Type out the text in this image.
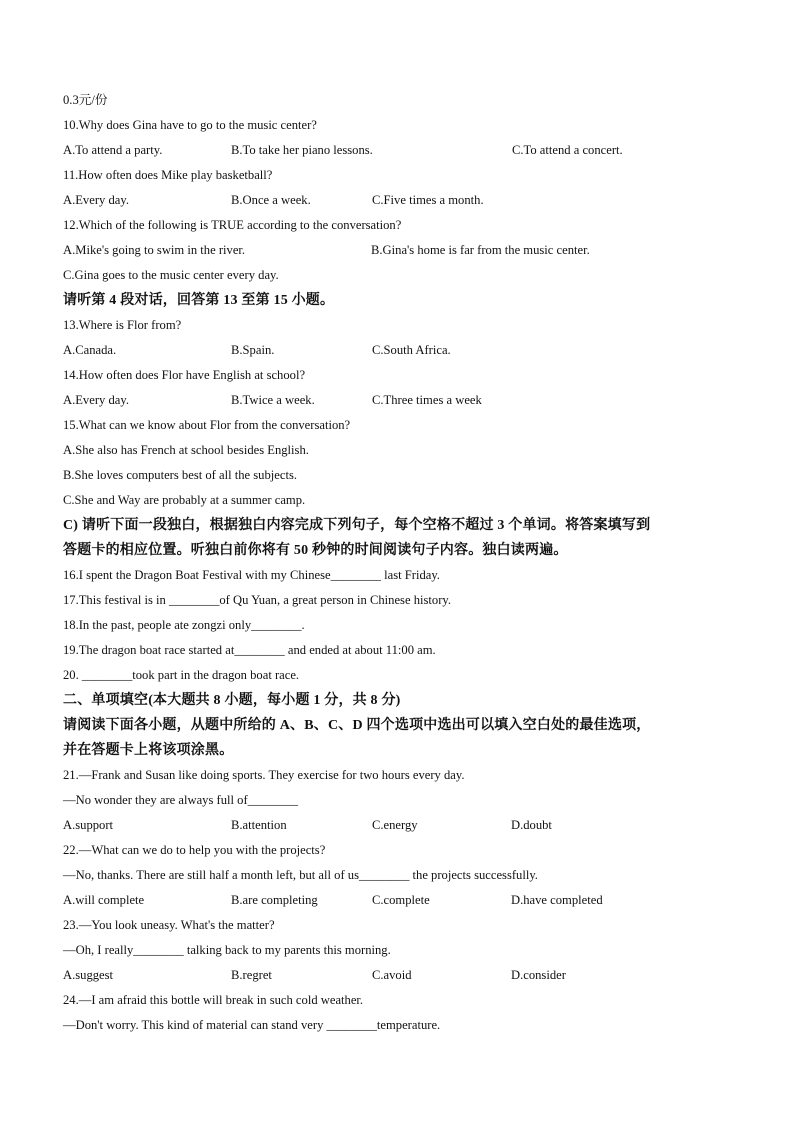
0.3元/份
10.Why does Gina have to go to the music center?
A.To attend a party.	B.To take her piano lessons.	C.To attend a concert.
11.How often does Mike play basketball?
A.Every day.	B.Once a week.	C.Five times a month.
12.Which of the following is TRUE according to the conversation?
A.Mike's going to swim in the river.	B.Gina's home is far from the music center.
C.Gina goes to the music center every day.
请听第 4 段对话，回答第 13 至第 15 小题。
13.Where is Flor from?
A.Canada.	B.Spain.	C.South Africa.
14.How often does Flor have English at school?
A.Every day.	B.Twice a week.	C.Three times a week
15.What can we know about Flor from the conversation?
A.She also has French at school besides English.
B.She loves computers best of all the subjects.
C.She and Way are probably at a summer camp.
C) 请听下面一段独白，根据独白内容完成下列句子，每个空格不超过 3 个单词。将答案填写到
答题卡的相应位置。听独白前你将有 50 秒钟的时间阅读句子内容。独白读两遍。
16.I spent the Dragon Boat Festival with my Chinese________ last Friday.
17.This festival is in ________of Qu Yuan, a great person in Chinese history.
18.In the past, people ate zongzi only________.
19.The dragon boat race started at________ and ended at about 11:00 am.
20. ________took part in the dragon boat race.
二、单项填空(本大题共 8 小题，每小题 1 分，共 8 分)
请阅读下面各小题，从题中所给的 A、B、C、D 四个选项中选出可以填入空白处的最佳选项，
并在答题卡上将该项涂黑。
21.—Frank and Susan like doing sports. They exercise for two hours every day.
—No wonder they are always full of________
A.support	B.attention	C.energy	D.doubt
22.—What can we do to help you with the projects?
—No, thanks. There are still half a month left, but all of us________ the projects successfully.
A.will complete	B.are completing	C.complete	D.have completed
23.—You look uneasy. What's the matter?
—Oh, I really________ talking back to my parents this morning.
A.suggest	B.regret	C.avoid	D.consider
24.—I am afraid this bottle will break in such cold weather.
—Don't worry. This kind of material can stand very ________temperature.
